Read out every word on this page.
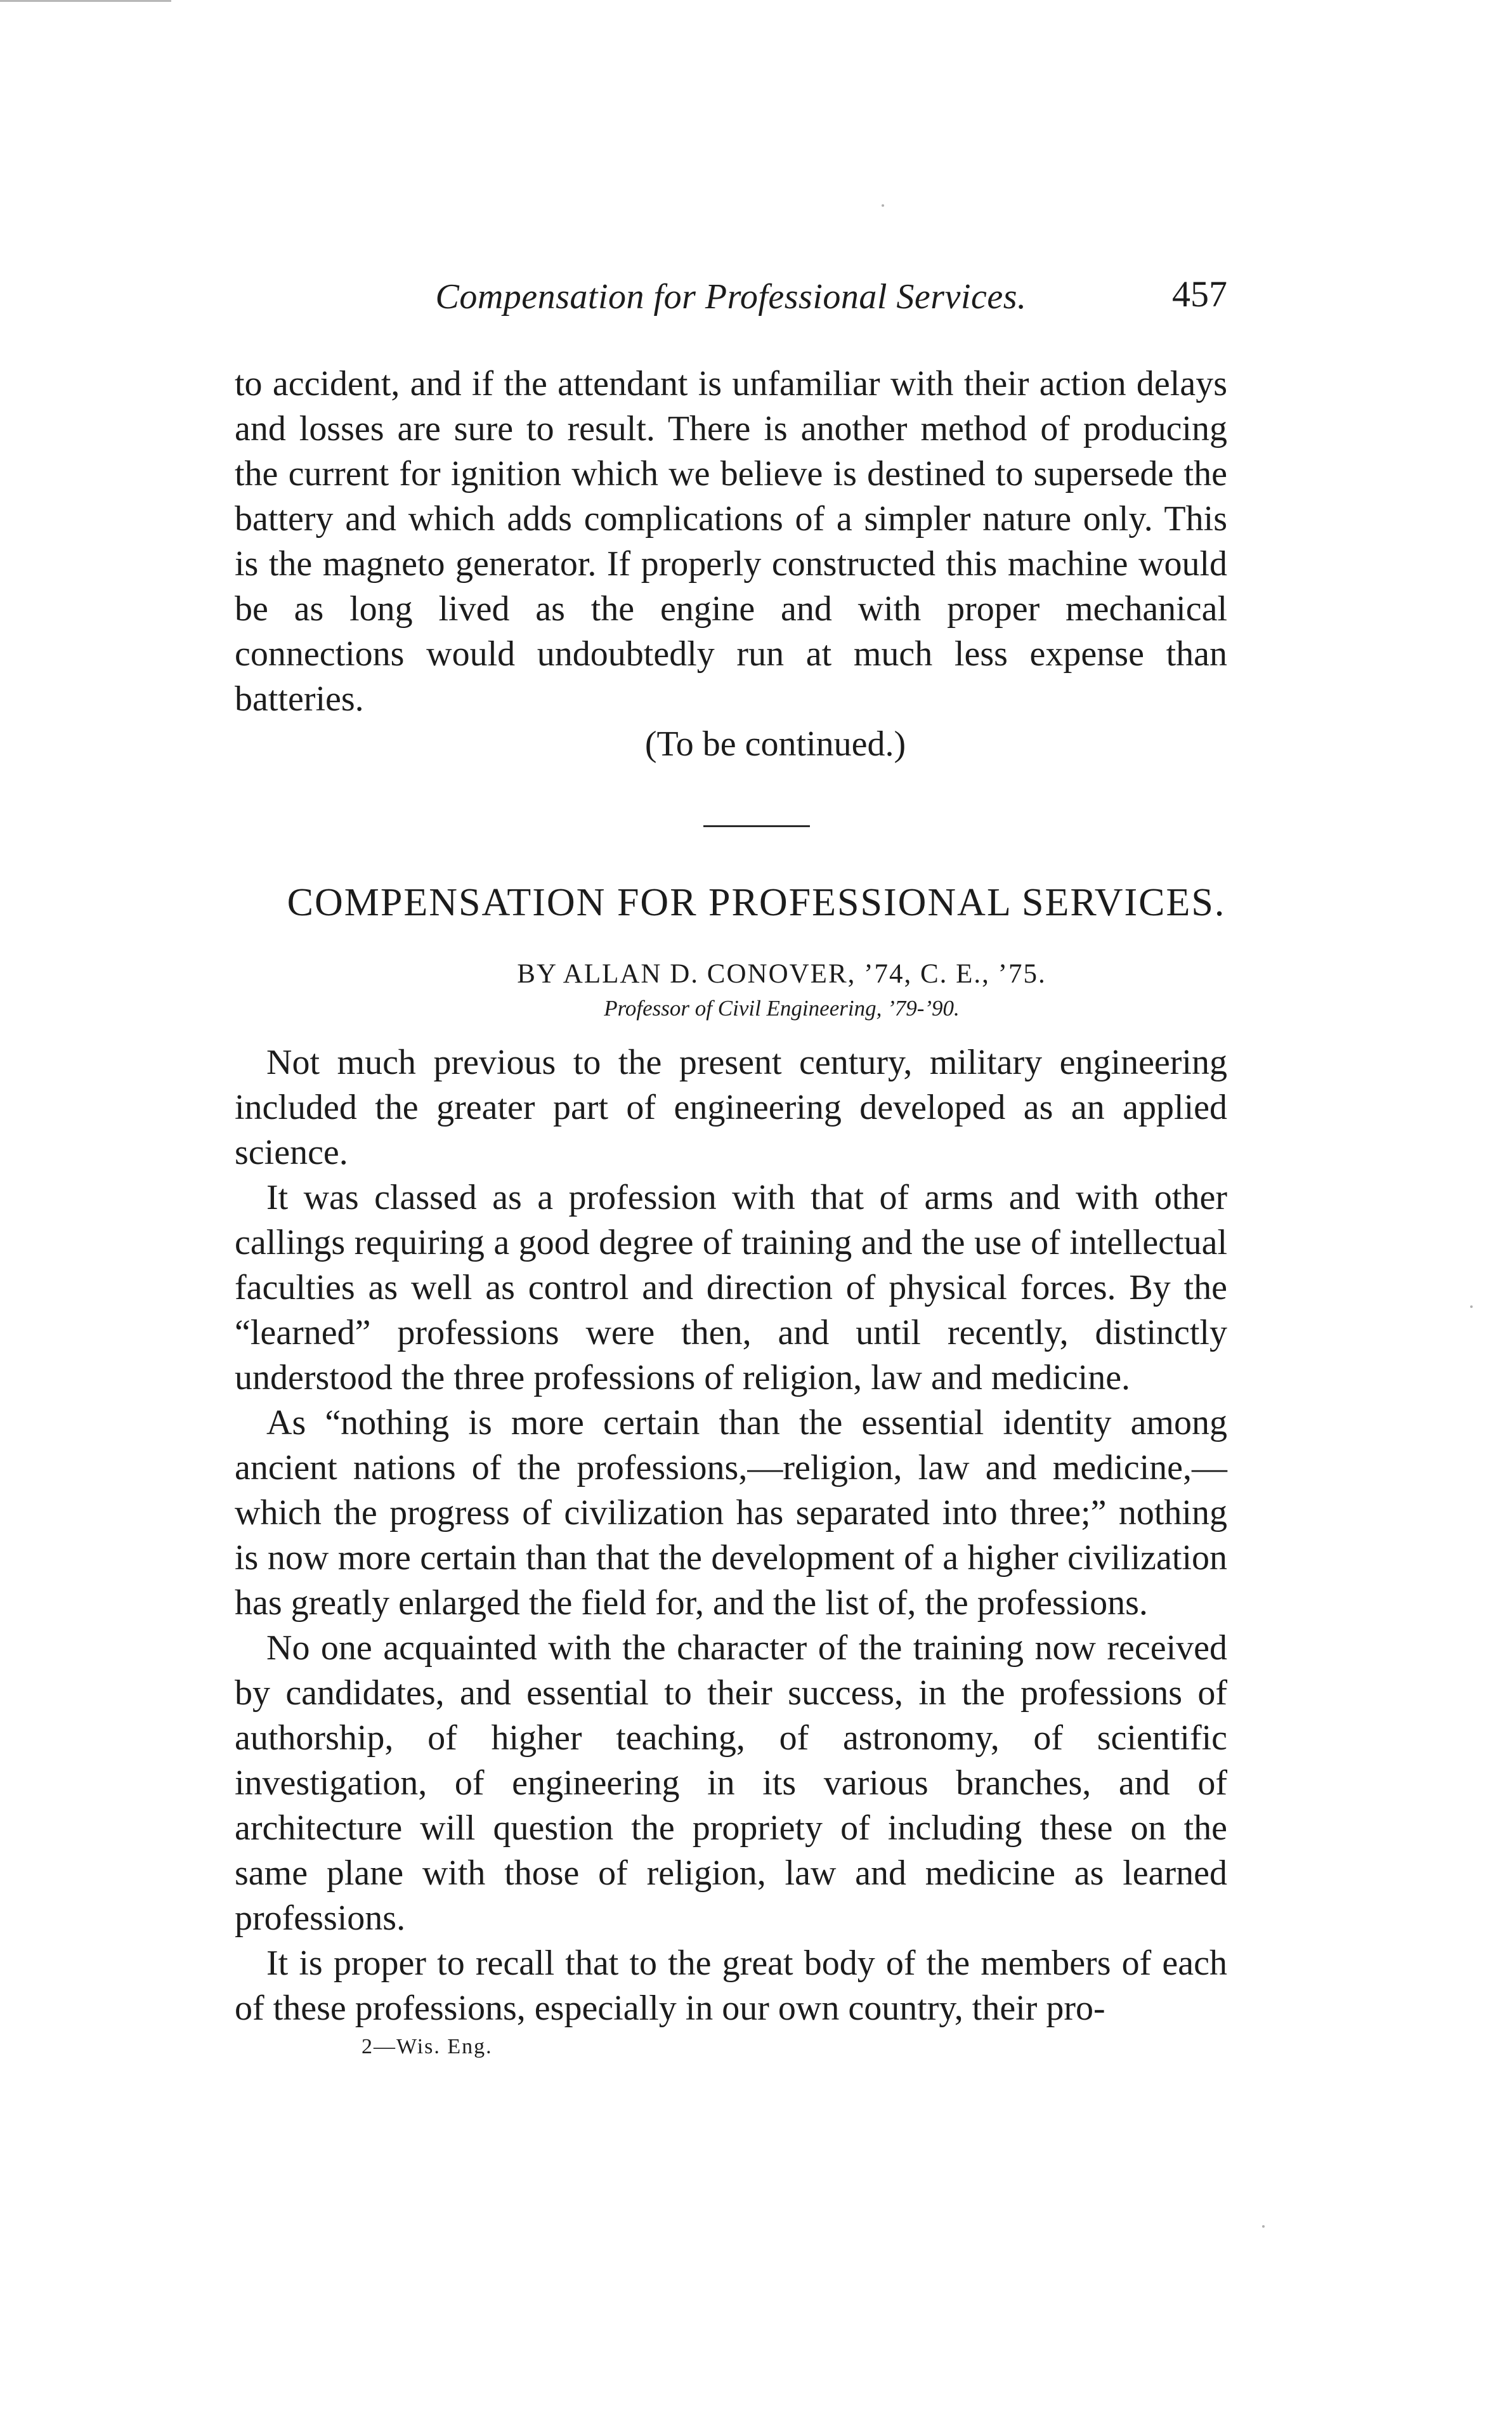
Compensation for Professional Services.	457

to accident, and if the attendant is unfamiliar with their action delays and losses are sure to result. There is another method of producing the current for ignition which we believe is destined to supersede the battery and which adds complications of a simpler nature only. This is the magneto generator. If properly constructed this machine would be as long lived as the engine and with proper mechanical connections would undoubtedly run at much less expense than batteries.

(To be continued.)

COMPENSATION FOR PROFESSIONAL SERVICES.
BY ALLAN D. CONOVER, ’74, C. E., ’75.
Professor of Civil Engineering, ’79-’90.

Not much previous to the present century, military engineering included the greater part of engineering developed as an applied science.

It was classed as a profession with that of arms and with other callings requiring a good degree of training and the use of intellectual faculties as well as control and direction of physical forces. By the “learned” professions were then, and until recently, distinctly understood the three professions of religion, law and medicine.

As “nothing is more certain than the essential identity among ancient nations of the professions,—religion, law and medicine,—which the progress of civilization has separated into three;” nothing is now more certain than that the development of a higher civilization has greatly enlarged the field for, and the list of, the professions.

No one acquainted with the character of the training now received by candidates, and essential to their success, in the professions of authorship, of higher teaching, of astronomy, of scientific investigation, of engineering in its various branches, and of architecture will question the propriety of including these on the same plane with those of religion, law and medicine as learned professions.

It is proper to recall that to the great body of the members of each of these professions, especially in our own country, their pro-

2—Wis. Eng.
